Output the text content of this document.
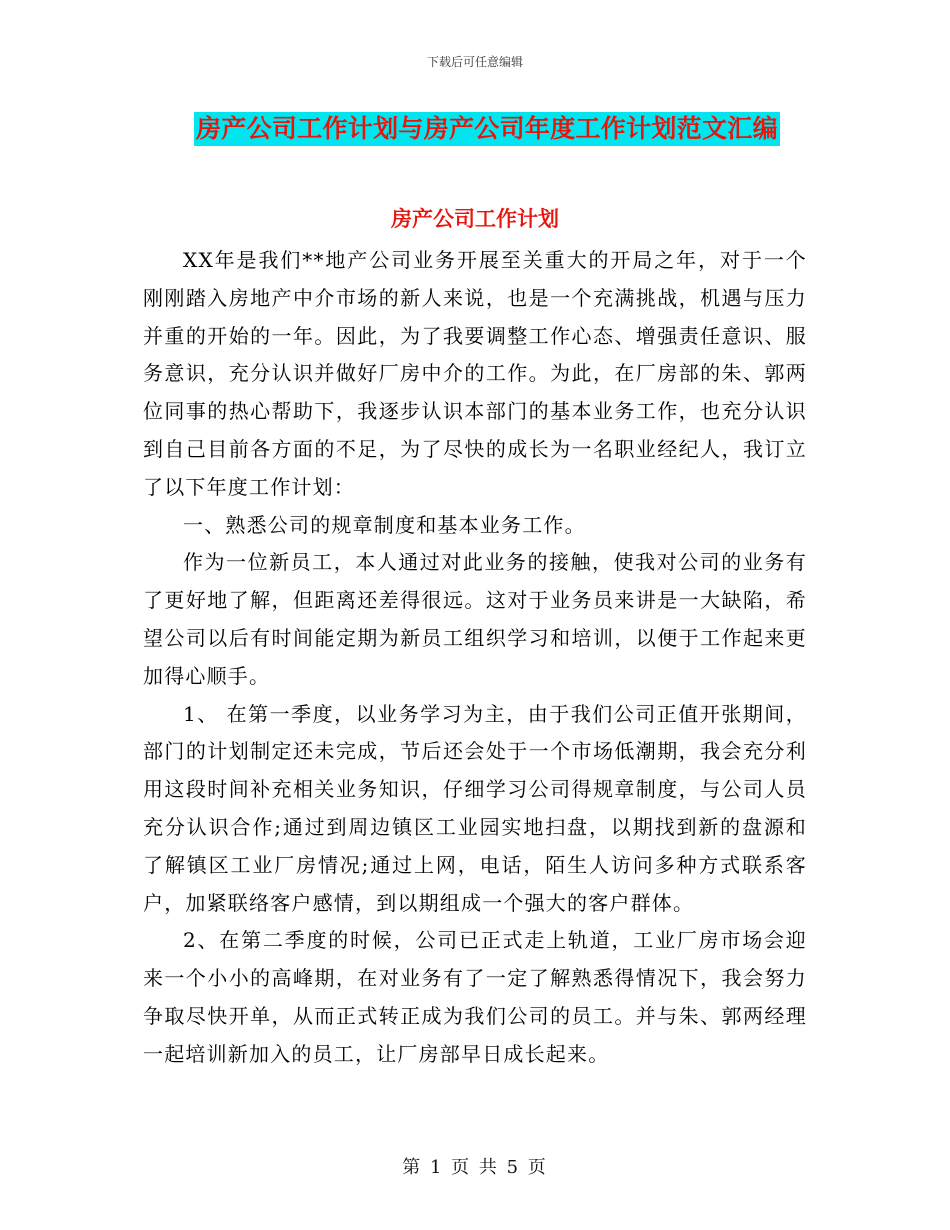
下载后可任意编辑
房产公司工作计划与房产公司年度工作计划范文汇编
房产公司工作计划

XX年是我们**地产公司业务开展至关重大的开局之年，对于一个刚刚踏入房地产中介市场的新人来说，也是一个充满挑战，机遇与压力并重的开始的一年。因此，为了我要调整工作心态、增强责任意识、服务意识，充分认识并做好厂房中介的工作。为此，在厂房部的朱、郭两位同事的热心帮助下，我逐步认识本部门的基本业务工作，也充分认识到自己目前各方面的不足，为了尽快的成长为一名职业经纪人，我订立了以下年度工作计划：

一、熟悉公司的规章制度和基本业务工作。

作为一位新员工，本人通过对此业务的接触，使我对公司的业务有了更好地了解，但距离还差得很远。这对于业务员来讲是一大缺陷，希望公司以后有时间能定期为新员工组织学习和培训，以便于工作起来更加得心顺手。

1、 在第一季度，以业务学习为主，由于我们公司正值开张期间，部门的计划制定还未完成，节后还会处于一个市场低潮期，我会充分利用这段时间补充相关业务知识，仔细学习公司得规章制度，与公司人员充分认识合作;通过到周边镇区工业园实地扫盘，以期找到新的盘源和了解镇区工业厂房情况;通过上网，电话，陌生人访问多种方式联系客户，加紧联络客户感情，到以期组成一个强大的客户群体。

2、在第二季度的时候，公司已正式走上轨道，工业厂房市场会迎来一个小小的高峰期，在对业务有了一定了解熟悉得情况下，我会努力争取尽快开单，从而正式转正成为我们公司的员工。并与朱、郭两经理一起培训新加入的员工，让厂房部早日成长起来。

第 1 页 共 5 页
